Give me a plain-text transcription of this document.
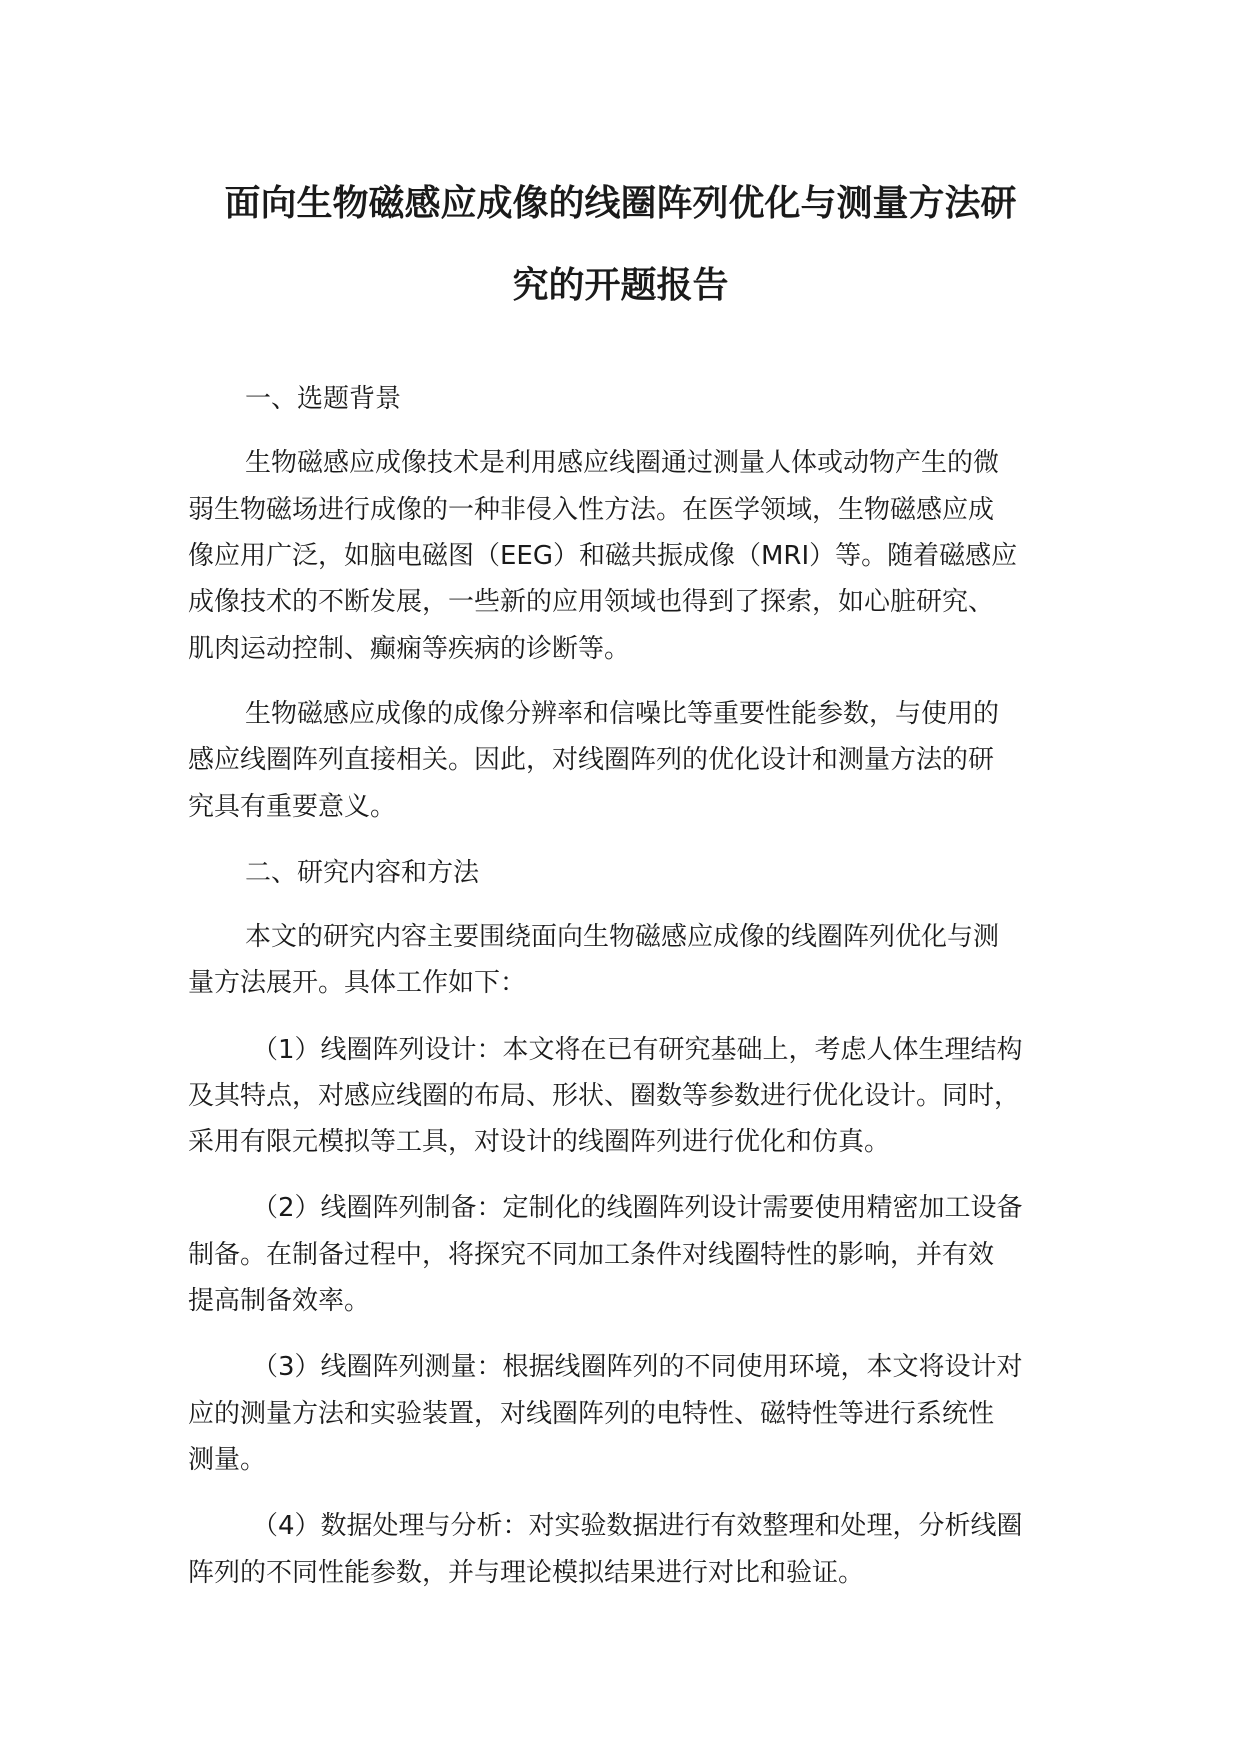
面向生物磁感应成像的线圈阵列优化与测量方法研
究的开题报告
一、选题背景

生物磁感应成像技术是利用感应线圈通过测量人体或动物产生的微

弱生物磁场进行成像的一种非侵入性方法。在医学领域，生物磁感应成

像应用广泛，如脑电磁图（EEG）和磁共振成像（MRI）等。随着磁感应

成像技术的不断发展，一些新的应用领域也得到了探索，如心脏研究、

肌肉运动控制、癫痫等疾病的诊断等。

生物磁感应成像的成像分辨率和信噪比等重要性能参数，与使用的

感应线圈阵列直接相关。因此，对线圈阵列的优化设计和测量方法的研

究具有重要意义。

二、研究内容和方法

本文的研究内容主要围绕面向生物磁感应成像的线圈阵列优化与测

量方法展开。具体工作如下：

（1）线圈阵列设计：本文将在已有研究基础上，考虑人体生理结构

及其特点，对感应线圈的布局、形状、圈数等参数进行优化设计。同时，

采用有限元模拟等工具，对设计的线圈阵列进行优化和仿真。

（2）线圈阵列制备：定制化的线圈阵列设计需要使用精密加工设备

制备。在制备过程中，将探究不同加工条件对线圈特性的影响，并有效

提高制备效率。

（3）线圈阵列测量：根据线圈阵列的不同使用环境，本文将设计对

应的测量方法和实验装置，对线圈阵列的电特性、磁特性等进行系统性

测量。

（4）数据处理与分析：对实验数据进行有效整理和处理，分析线圈

阵列的不同性能参数，并与理论模拟结果进行对比和验证。
